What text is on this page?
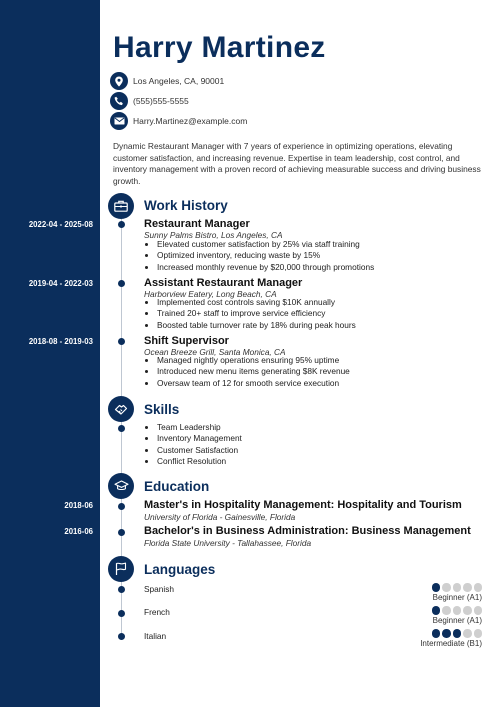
Harry Martinez
Los Angeles, CA, 90001
(555)555-5555
Harry.Martinez@example.com
Dynamic Restaurant Manager with 7 years of experience in optimizing operations, elevating customer satisfaction, and increasing revenue. Expertise in team leadership, cost control, and inventory management with a proven record of achieving measurable success and driving business growth.
Work History
2022-04 - 2025-08	Restaurant Manager
Sunny Palms Bistro, Los Angeles, CA
• Elevated customer satisfaction by 25% via staff training
• Optimized inventory, reducing waste by 15%
• Increased monthly revenue by $20,000 through promotions
2019-04 - 2022-03	Assistant Restaurant Manager
Harborview Eatery, Long Beach, CA
• Implemented cost controls saving $10K annually
• Trained 20+ staff to improve service efficiency
• Boosted table turnover rate by 18% during peak hours
2018-08 - 2019-03	Shift Supervisor
Ocean Breeze Grill, Santa Monica, CA
• Managed nightly operations ensuring 95% uptime
• Introduced new menu items generating $8K revenue
• Oversaw team of 12 for smooth service execution
Skills
• Team Leadership
• Inventory Management
• Customer Satisfaction
• Conflict Resolution
Education
2018-06	Master's in Hospitality Management: Hospitality and Tourism
University of Florida - Gainesville, Florida
2016-06	Bachelor's in Business Administration: Business Management
Florida State University - Tallahassee, Florida
Languages
Spanish
Beginner (A1)
French
Beginner (A1)
Italian
Intermediate (B1)
